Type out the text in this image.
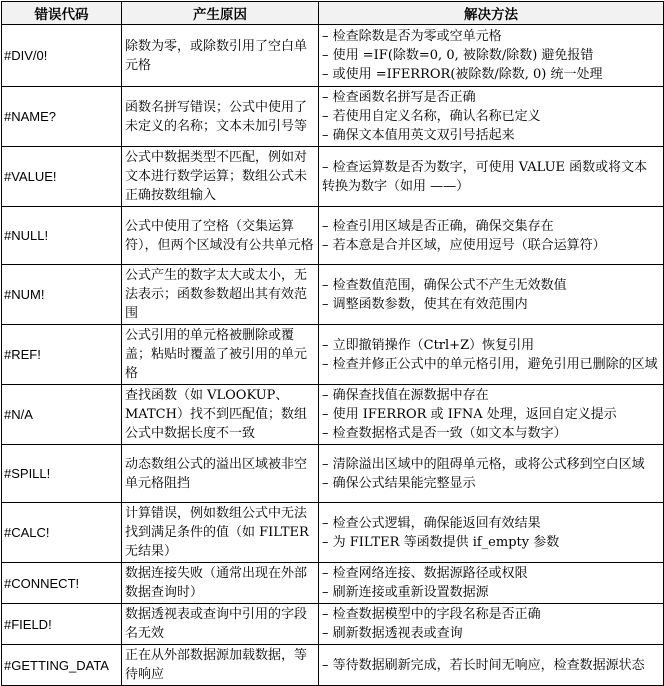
错误代码	产生原因	解决方法
#DIV/0!	除数为零，或除数引用了空白单元格	– 检查除数是否为零或空单元格
– 使用 =IF(除数=0, 0, 被除数/除数) 避免报错
– 或使用 =IFERROR(被除数/除数, 0) 统一处理

#NAME?	函数名拼写错误；公式中使用了未定义的名称；文本未加引号等	– 检查函数名拼写是否正确
– 若使用自定义名称，确认名称已定义
– 确保文本值用英文双引号括起来

#VALUE!	公式中数据类型不匹配，例如对文本进行数学运算；数组公式未正确按数组输入	– 检查运算数是否为数字，可使用 VALUE 函数或将文本转换为数字（如用 ——）

#NULL!	公式中使用了空格（交集运算符），但两个区域没有公共单元格	– 检查引用区域是否正确，确保交集存在
– 若本意是合并区域，应使用逗号（联合运算符）

#NUM!	公式产生的数字太大或太小，无法表示；函数参数超出其有效范围	– 检查数值范围，确保公式不产生无效数值
– 调整函数参数，使其在有效范围内

#REF!	公式引用的单元格被删除或覆盖；粘贴时覆盖了被引用的单元格	– 立即撤销操作（Ctrl+Z）恢复引用
– 检查并修正公式中的单元格引用，避免引用已删除的区域

#N/A	查找函数（如 VLOOKUP、MATCH）找不到匹配值；数组公式中数据长度不一致	– 确保查找值在源数据中存在
– 使用 IFERROR 或 IFNA 处理，返回自定义提示
– 检查数据格式是否一致（如文本与数字）

#SPILL!	动态数组公式的溢出区域被非空单元格阻挡	– 清除溢出区域中的阻碍单元格，或将公式移到空白区域
– 确保公式结果能完整显示

#CALC!	计算错误，例如数组公式中无法找到满足条件的值（如 FILTER 无结果）	– 检查公式逻辑，确保能返回有效结果
– 为 FILTER 等函数提供 if_empty 参数

#CONNECT!	数据连接失败（通常出现在外部数据查询时）	– 检查网络连接、数据源路径或权限
– 刷新连接或重新设置数据源

#FIELD!	数据透视表或查询中引用的字段名无效	– 检查数据模型中的字段名称是否正确
– 刷新数据透视表或查询

#GETTING_DATA	正在从外部数据源加载数据，等待响应	– 等待数据刷新完成，若长时间无响应，检查数据源状态
